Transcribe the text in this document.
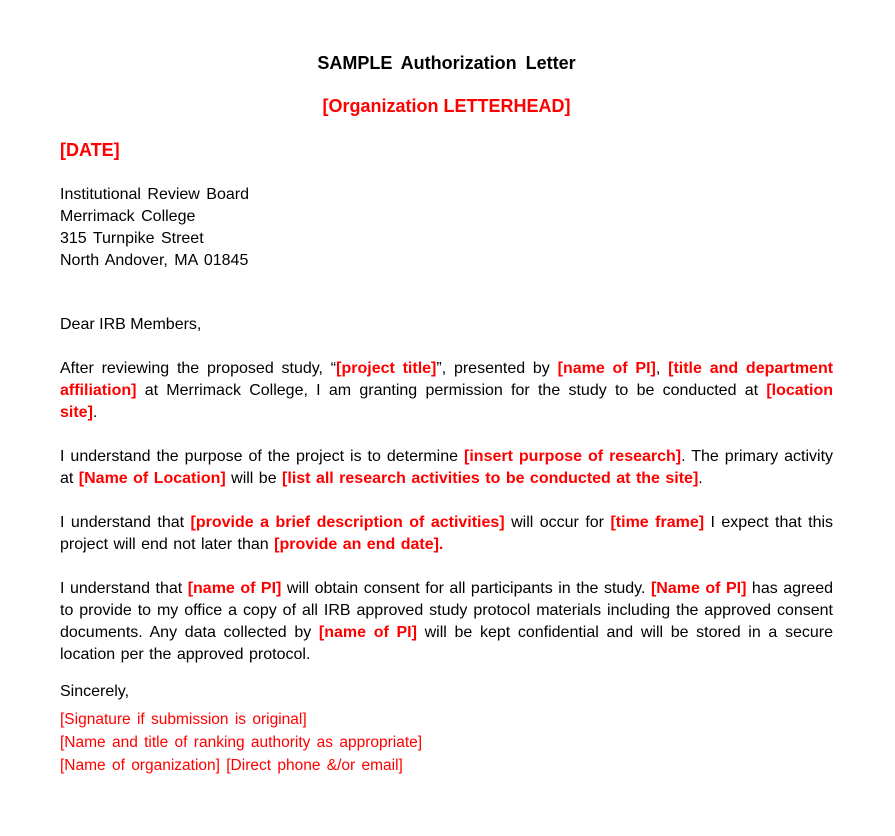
SAMPLE Authorization Letter
[Organization LETTERHEAD]
[DATE]
Institutional Review Board
Merrimack College
315 Turnpike Street
North Andover, MA 01845
Dear IRB Members,

After reviewing the proposed study, “[project title]”, presented by [name of PI], [title and department affiliation] at Merrimack College, I am granting permission for the study to be conducted at [location site].

I understand the purpose of the project is to determine [insert purpose of research]. The primary activity at [Name of Location] will be [list all research activities to be conducted at the site].

I understand that [provide a brief description of activities] will occur for [time frame] I expect that this project will end not later than [provide an end date].

I understand that [name of PI] will obtain consent for all participants in the study. [Name of PI] has agreed to provide to my office a copy of all IRB approved study protocol materials including the approved consent documents. Any data collected by [name of PI] will be kept confidential and will be stored in a secure location per the approved protocol.

Sincerely,
[Signature if submission is original]
[Name and title of ranking authority as appropriate]
[Name of organization] [Direct phone &/or email]
